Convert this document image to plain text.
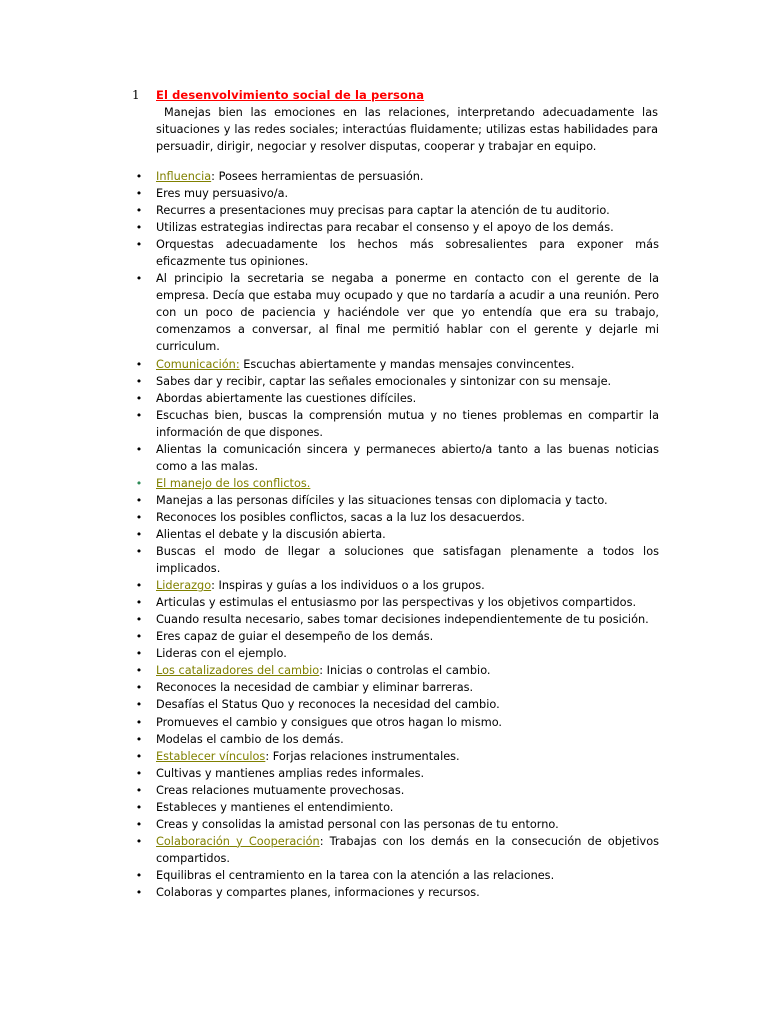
1 El desenvolvimiento social de la persona

Manejas bien las emociones en las relaciones, interpretando adecuadamente las situaciones y las redes sociales; interactúas fluidamente; utilizas estas habilidades para persuadir, dirigir, negociar y resolver disputas, cooperar y trabajar en equipo.

• Influencia: Posees herramientas de persuasión.
• Eres muy persuasivo/a.
• Recurres a presentaciones muy precisas para captar la atención de tu auditorio.
• Utilizas estrategias indirectas para recabar el consenso y el apoyo de los demás.
• Orquestas adecuadamente los hechos más sobresalientes para exponer más eficazmente tus opiniones.
• Al principio la secretaria se negaba a ponerme en contacto con el gerente de la empresa. Decía que estaba muy ocupado y que no tardaría a acudir a una reunión. Pero con un poco de paciencia y haciéndole ver que yo entendía que era su trabajo, comenzamos a conversar, al final me permitió hablar con el gerente y dejarle mi curriculum.
• Comunicación: Escuchas abiertamente y mandas mensajes convincentes.
• Sabes dar y recibir, captar las señales emocionales y sintonizar con su mensaje.
• Abordas abiertamente las cuestiones difíciles.
• Escuchas bien, buscas la comprensión mutua y no tienes problemas en compartir la información de que dispones.
• Alientas la comunicación sincera y permaneces abierto/a tanto a las buenas noticias como a las malas.
• El manejo de los conflictos.
• Manejas a las personas difíciles y las situaciones tensas con diplomacia y tacto.
• Reconoces los posibles conflictos, sacas a la luz los desacuerdos.
• Alientas el debate y la discusión abierta.
• Buscas el modo de llegar a soluciones que satisfagan plenamente a todos los implicados.
• Liderazgo: Inspiras y guías a los individuos o a los grupos.
• Articulas y estimulas el entusiasmo por las perspectivas y los objetivos compartidos.
• Cuando resulta necesario, sabes tomar decisiones independientemente de tu posición.
• Eres capaz de guiar el desempeño de los demás.
• Lideras con el ejemplo.
• Los catalizadores del cambio: Inicias o controlas el cambio.
• Reconoces la necesidad de cambiar y eliminar barreras.
• Desafías el Status Quo y reconoces la necesidad del cambio.
• Promueves el cambio y consigues que otros hagan lo mismo.
• Modelas el cambio de los demás.
• Establecer vínculos: Forjas relaciones instrumentales.
• Cultivas y mantienes amplias redes informales.
• Creas relaciones mutuamente provechosas.
• Estableces y mantienes el entendimiento.
• Creas y consolidas la amistad personal con las personas de tu entorno.
• Colaboración y Cooperación: Trabajas con los demás en la consecución de objetivos compartidos.
• Equilibras el centramiento en la tarea con la atención a las relaciones.
• Colaboras y compartes planes, informaciones y recursos.
